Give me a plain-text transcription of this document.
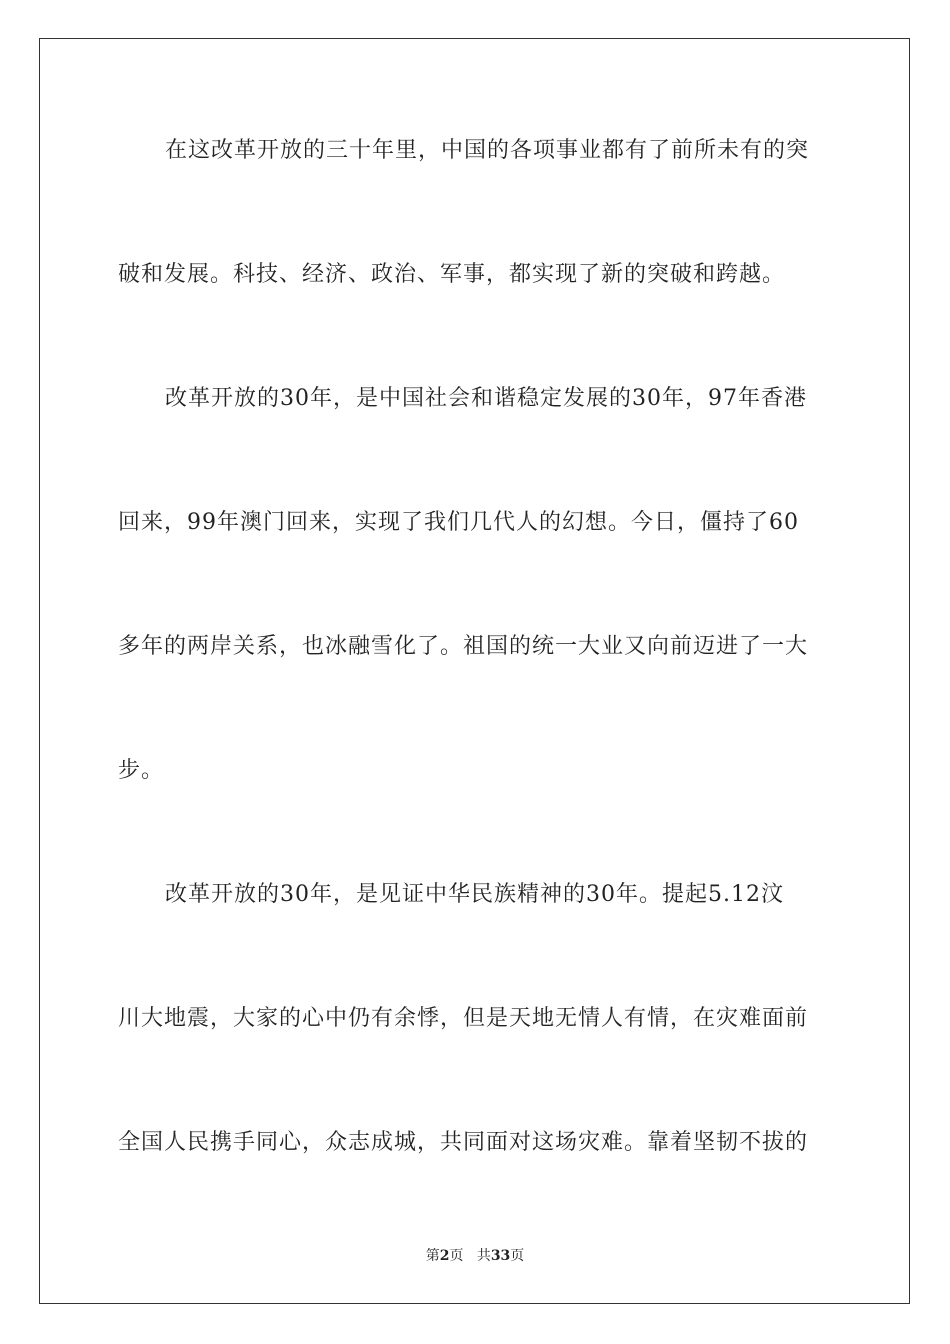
在这改革开放的三十年里，中国的各项事业都有了前所未有的突
破和发展。科技、经济、政治、军事，都实现了新的突破和跨越。
改革开放的30年，是中国社会和谐稳定发展的30年，97年香港
回来，99年澳门回来，实现了我们几代人的幻想。今日，僵持了60
多年的两岸关系，也冰融雪化了。祖国的统一大业又向前迈进了一大
步。
改革开放的30年，是见证中华民族精神的30年。提起5.12汶
川大地震，大家的心中仍有余悸，但是天地无情人有情，在灾难面前
全国人民携手同心，众志成城，共同面对这场灾难。靠着坚韧不拔的
第2页 共33页
